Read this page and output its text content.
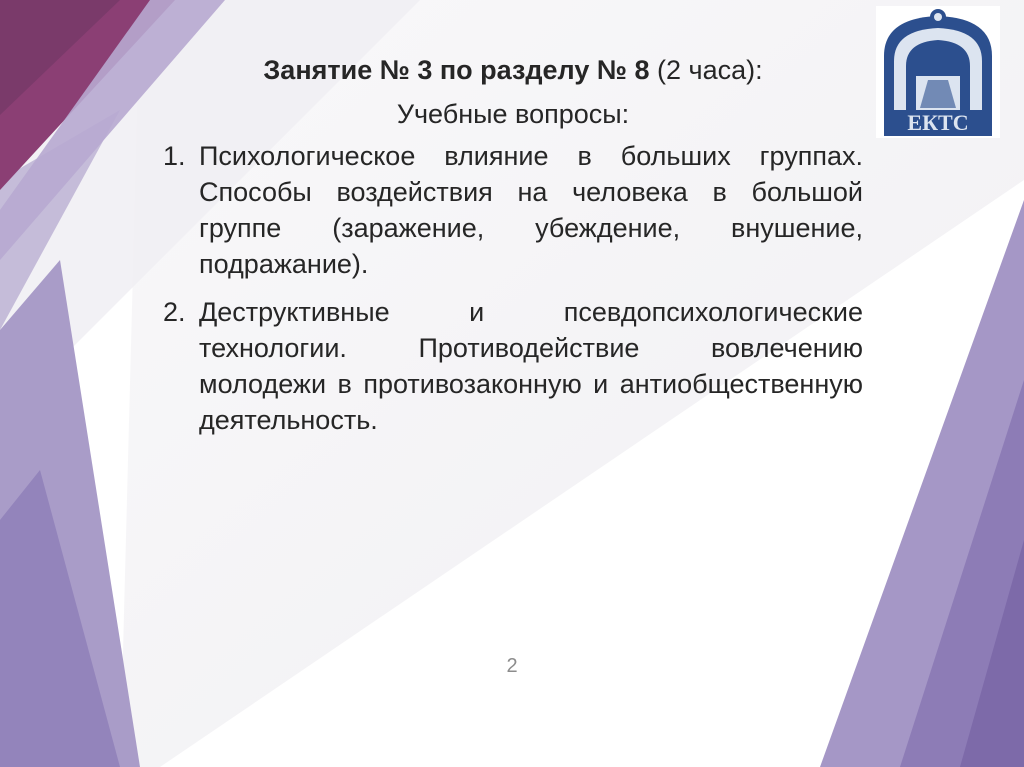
ЕКТС

Занятие № 3 по разделу № 8 (2 часа):

Учебные вопросы:

1. Психологическое влияние в больших группах. Способы воздействия на человека в большой группе (заражение, убеждение, внушение, подражание).
2. Деструктивные и псевдопсихологические технологии. Противодействие вовлечению молодежи в противозаконную и антиобщественную деятельность.
2
